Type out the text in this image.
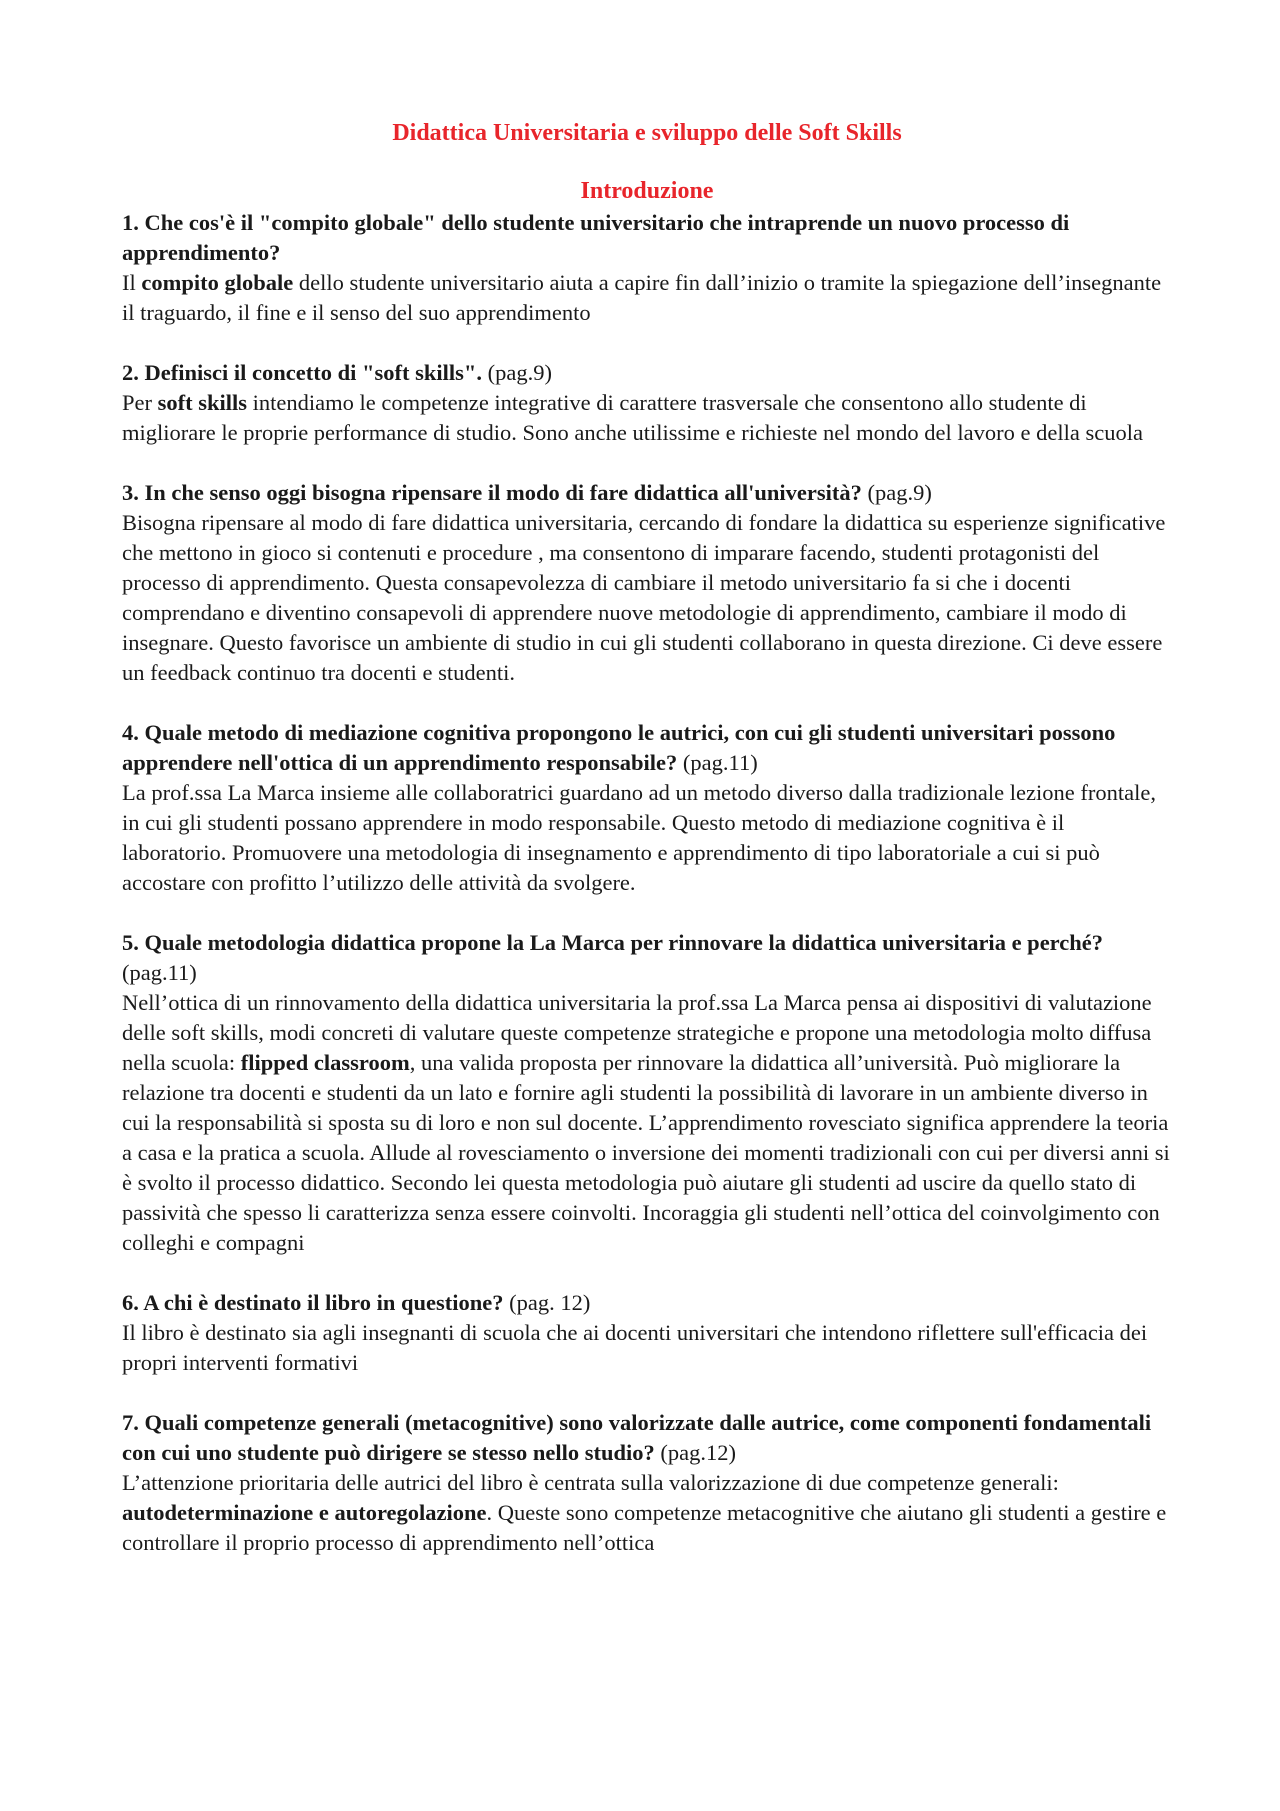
Didattica Universitaria e sviluppo delle Soft Skills
Introduzione

1. Che cos'è il "compito globale" dello studente universitario che intraprende un nuovo processo di apprendimento?

Il compito globale dello studente universitario aiuta a capire fin dall’inizio o tramite la spiegazione dell’insegnante il traguardo, il fine e il senso del suo apprendimento

2. Definisci il concetto di "soft skills". (pag.9)

Per soft skills intendiamo le competenze integrative di carattere trasversale che consentono allo studente di migliorare le proprie performance di studio. Sono anche utilissime e richieste nel mondo del lavoro e della scuola

3. In che senso oggi bisogna ripensare il modo di fare didattica all'università? (pag.9)

Bisogna ripensare al modo di fare didattica universitaria, cercando di fondare la didattica su esperienze significative che mettono in gioco si contenuti e procedure , ma consentono di imparare facendo, studenti protagonisti del processo di apprendimento. Questa consapevolezza di cambiare il metodo universitario fa si che i docenti comprendano e diventino consapevoli di apprendere nuove metodologie di apprendimento, cambiare il modo di insegnare. Questo favorisce un ambiente di studio in cui gli studenti collaborano in questa direzione. Ci deve essere un feedback continuo tra docenti e studenti.

4. Quale metodo di mediazione cognitiva propongono le autrici, con cui gli studenti universitari possono apprendere nell'ottica di un apprendimento responsabile? (pag.11)

La prof.ssa La Marca insieme alle collaboratrici guardano ad un metodo diverso dalla tradizionale lezione frontale, in cui gli studenti possano apprendere in modo responsabile. Questo metodo di mediazione cognitiva è il laboratorio. Promuovere una metodologia di insegnamento e apprendimento di tipo laboratoriale a cui si può accostare con profitto l’utilizzo delle attività da svolgere.

5. Quale metodologia didattica propone la La Marca per rinnovare la didattica universitaria e perché? (pag.11)

Nell’ottica di un rinnovamento della didattica universitaria la prof.ssa La Marca pensa ai dispositivi di valutazione delle soft skills, modi concreti di valutare queste competenze strategiche e propone una metodologia molto diffusa nella scuola: flipped classroom, una valida proposta per rinnovare la didattica all’università. Può migliorare la relazione tra docenti e studenti da un lato e fornire agli studenti la possibilità di lavorare in un ambiente diverso in cui la responsabilità si sposta su di loro e non sul docente. L’apprendimento rovesciato significa apprendere la teoria a casa e la pratica a scuola. Allude al rovesciamento o inversione dei momenti tradizionali con cui per diversi anni si è svolto il processo didattico. Secondo lei questa metodologia può aiutare gli studenti ad uscire da quello stato di passività che spesso li caratterizza senza essere coinvolti. Incoraggia gli studenti nell’ottica del coinvolgimento con colleghi e compagni

6. A chi è destinato il libro in questione? (pag. 12)

Il libro è destinato sia agli insegnanti di scuola che ai docenti universitari che intendono riflettere sull'efficacia dei propri interventi formativi

7. Quali competenze generali (metacognitive) sono valorizzate dalle autrice, come componenti fondamentali con cui uno studente può dirigere se stesso nello studio? (pag.12)

L’attenzione prioritaria delle autrici del libro è centrata sulla valorizzazione di due competenze generali: autodeterminazione e autoregolazione. Queste sono competenze metacognitive che aiutano gli studenti a gestire e controllare il proprio processo di apprendimento nell’ottica
